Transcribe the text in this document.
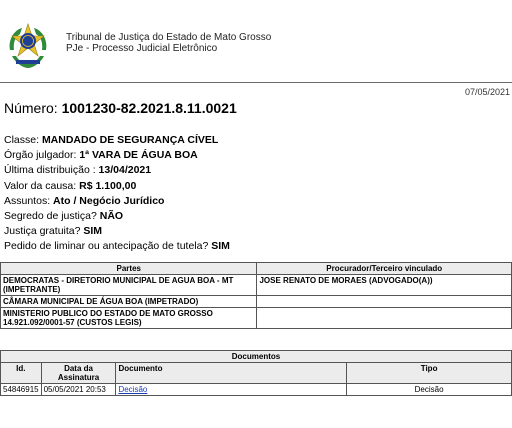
Tribunal de Justiça do Estado de Mato Grosso
PJe - Processo Judicial Eletrônico
07/05/2021
Número: 1001230-82.2021.8.11.0021
Classe: MANDADO DE SEGURANÇA CÍVEL
Órgão julgador: 1ª VARA DE ÁGUA BOA
Última distribuição : 13/04/2021
Valor da causa: R$ 1.100,00
Assuntos: Ato / Negócio Jurídico
Segredo de justiça? NÃO
Justiça gratuita? SIM
Pedido de liminar ou antecipação de tutela? SIM
Partes	Procurador/Terceiro vinculado
DEMOCRATAS - DIRETORIO MUNICIPAL DE AGUA BOA - MT (IMPETRANTE)	JOSE RENATO DE MORAES (ADVOGADO(A))
CÂMARA MUNICIPAL DE ÁGUA BOA (IMPETRADO)	
MINISTERIO PUBLICO DO ESTADO DE MATO GROSSO 14.921.092/0001-57 (CUSTOS LEGIS)	
Documentos			
Id.	Data da Assinatura	Documento	Tipo
54846915	05/05/2021 20:53	Decisão	Decisão
